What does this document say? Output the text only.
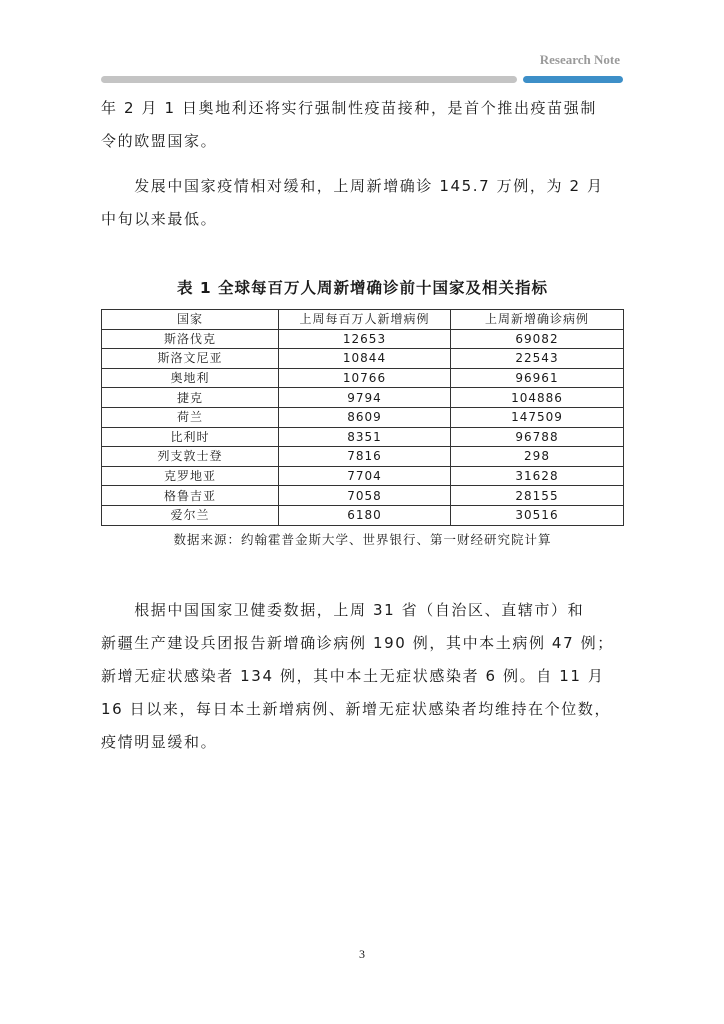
Research Note

年 2 月 1 日奥地利还将实行强制性疫苗接种，是首个推出疫苗强制
令的欧盟国家。

　　发展中国家疫情相对缓和，上周新增确诊 145.7 万例，为 2 月
中旬以来最低。

表 1 全球每百万人周新增确诊前十国家及相关指标
国家	上周每百万人新增病例	上周新增确诊病例
斯洛伐克	12653	69082
斯洛文尼亚	10844	22543
奥地利	10766	96961
捷克	9794	104886
荷兰	8609	147509
比利时	8351	96788
列支敦士登	7816	298
克罗地亚	7704	31628
格鲁吉亚	7058	28155
爱尔兰	6180	30516
数据来源：约翰霍普金斯大学、世界银行、第一财经研究院计算

　　根据中国国家卫健委数据，上周 31 省（自治区、直辖市）和
新疆生产建设兵团报告新增确诊病例 190 例，其中本土病例 47 例；
新增无症状感染者 134 例，其中本土无症状感染者 6 例。自 11 月
16 日以来，每日本土新增病例、新增无症状感染者均维持在个位数，
疫情明显缓和。

3
